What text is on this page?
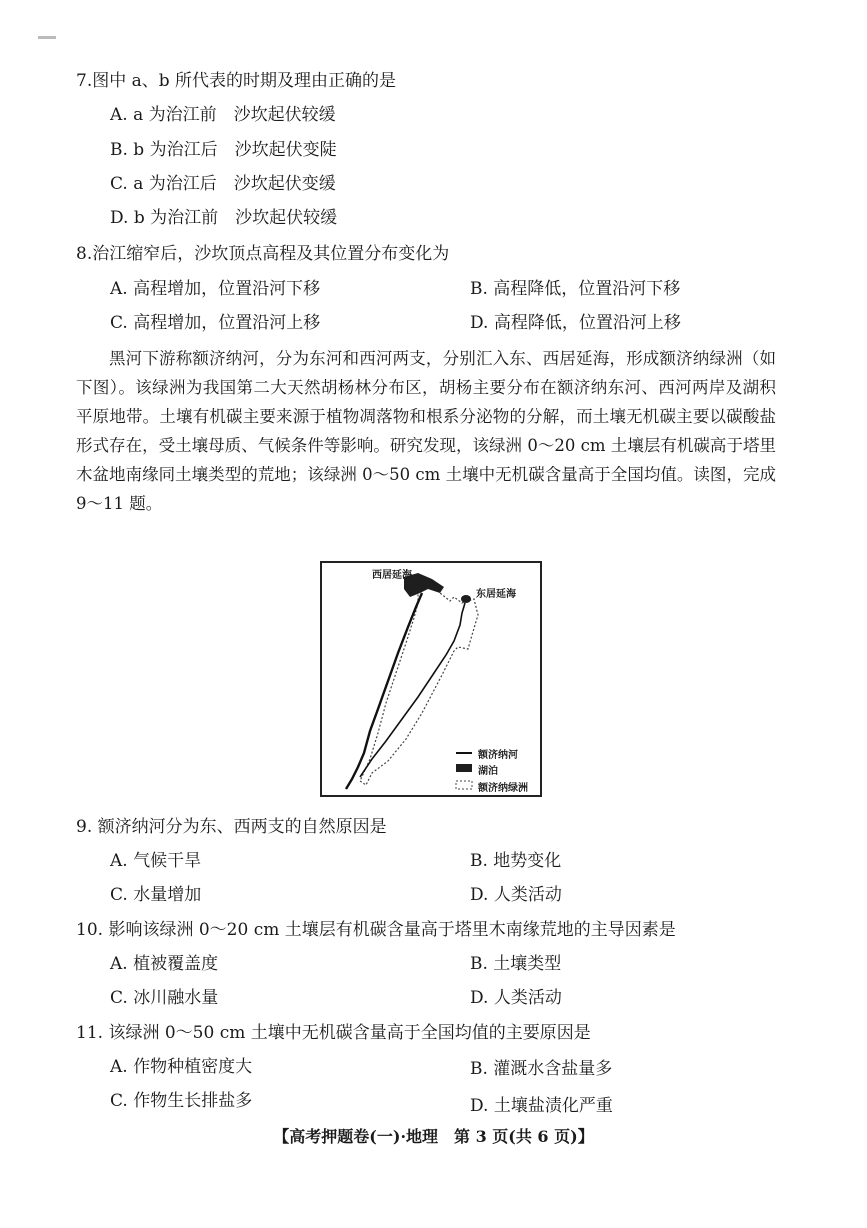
7.图中 a、b 所代表的时期及理由正确的是
A. a 为治江前　沙坎起伏较缓
B. b 为治江后　沙坎起伏变陡
C. a 为治江后　沙坎起伏变缓
D. b 为治江前　沙坎起伏较缓
8.治江缩窄后，沙坎顶点高程及其位置分布变化为
A. 高程增加，位置沿河下移	B. 高程降低，位置沿河下移
C. 高程增加，位置沿河上移	D. 高程降低，位置沿河上移
黑河下游称额济纳河，分为东河和西河两支，分别汇入东、西居延海，形成额济纳绿洲（如下图）。该绿洲为我国第二大天然胡杨林分布区，胡杨主要分布在额济纳东河、西河两岸及湖积平原地带。土壤有机碳主要来源于植物凋落物和根系分泌物的分解，而土壤无机碳主要以碳酸盐形式存在，受土壤母质、气候条件等影响。研究发现，该绿洲 0～20 cm 土壤层有机碳高于塔里木盆地南缘同土壤类型的荒地；该绿洲 0～50 cm 土壤中无机碳含量高于全国均值。读图，完成 9～11 题。
西居延海
东居延海
额济纳河
湖泊
额济纳绿洲
9. 额济纳河分为东、西两支的自然原因是
A. 气候干旱	B. 地势变化
C. 水量增加	D. 人类活动
10. 影响该绿洲 0～20 cm 土壤层有机碳含量高于塔里木南缘荒地的主导因素是
A. 植被覆盖度	B. 土壤类型
C. 冰川融水量	D. 人类活动
11. 该绿洲 0～50 cm 土壤中无机碳含量高于全国均值的主要原因是
A. 作物种植密度大	B. 灌溉水含盐量多
C. 作物生长排盐多	D. 土壤盐渍化严重
【高考押题卷(一)·地理　第 3 页(共 6 页)】
